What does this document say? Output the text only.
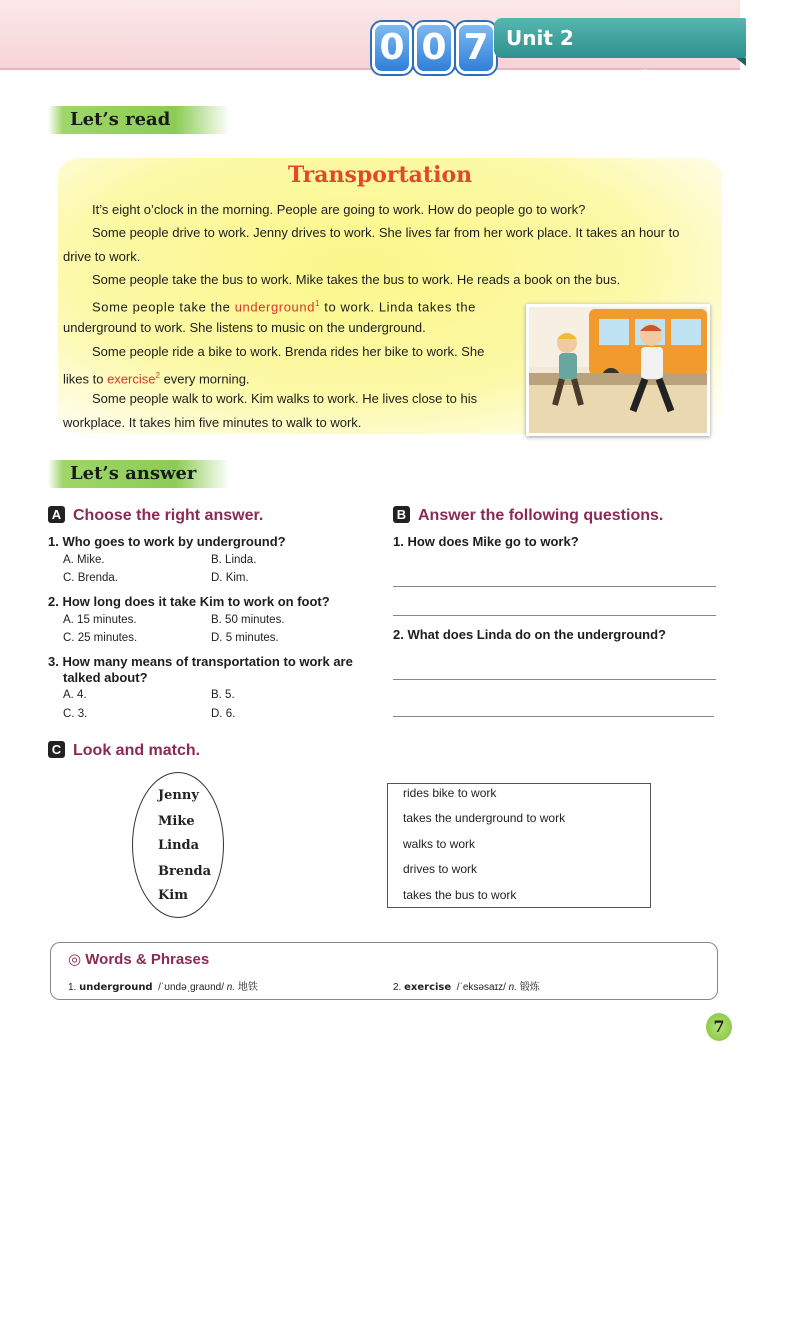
0 0 7 Unit 2 Rransportation
Let’s read
Transportation
It’s eight o’clock in the morning. People are going to work. How do people go to work?
Some people drive to work. Jenny drives to work. She lives far from her work place. It takes an hour to
drive to work.
Some people take the bus to work. Mike takes the bus to work. He reads a book on the bus.
Some people take the underground$^1$ to work. Linda takes the
underground to work. She listens to music on the underground.
Some people ride a bike to work. Brenda rides her bike to work. She
likes to exercise$^2$ every morning.
Some people walk to work. Kim walks to work. He lives close to his
workplace. It takes him five minutes to walk to work.
Let’s answer
A Choose the right answer.
1. Who goes to work by underground?
A. Mike.	B. Linda.
C. Brenda.	D. Kim.
2. How long does it take Kim to work on foot?
A. 15 minutes.	B. 50 minutes.
C. 25 minutes.	D. 5 minutes.
3. How many means of transportation to work are
talked about?
A. 4.	B. 5.
C. 3.	D. 6.
B Answer the following questions.
1. How does Mike go to work?
2. What does Linda do on the underground?
C Look and match.
Jenny
Mike
Linda
Brenda
Kim
rides bike to work
takes the underground to work
walks to work
drives to work
takes the bus to work
◎ Words & Phrases
1. underground /ˈʊndəˌgraʊnd/ n. 地铁	2. exercise /ˈeksəsaɪz/ n. 锻炼
7
